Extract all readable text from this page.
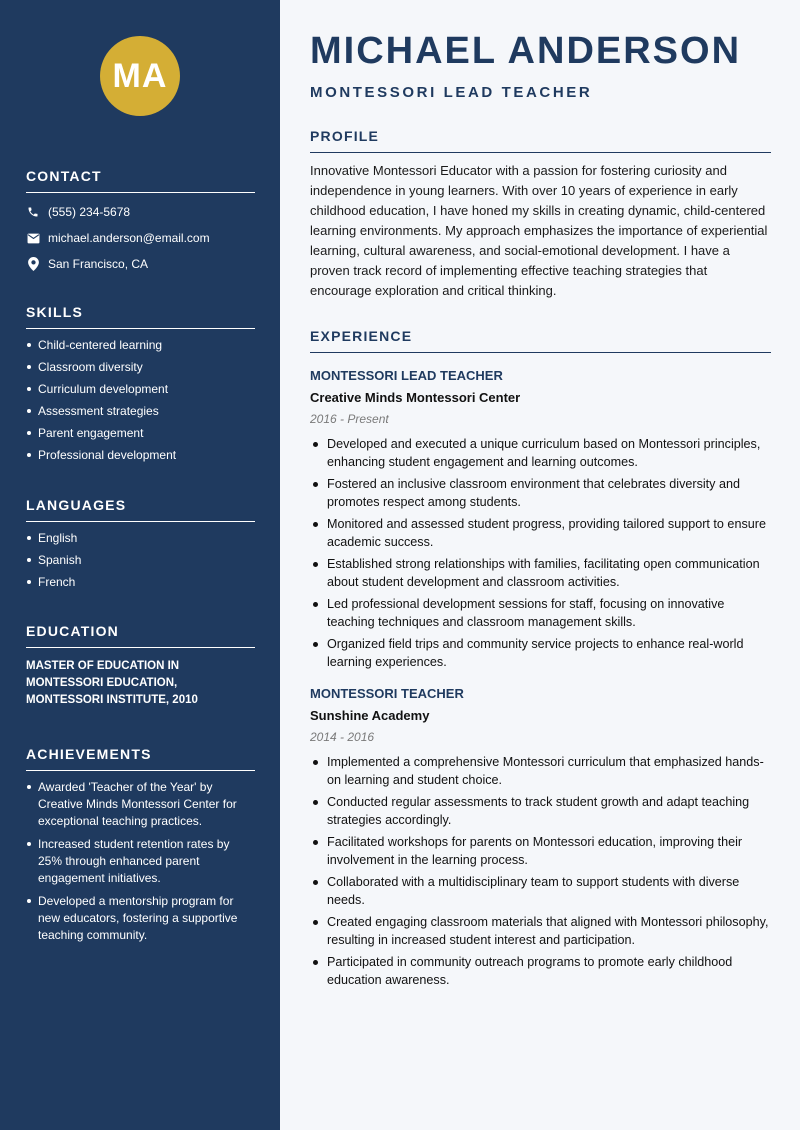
MA
CONTACT
(555) 234-5678
michael.anderson@email.com
San Francisco, CA
SKILLS
Child-centered learning
Classroom diversity
Curriculum development
Assessment strategies
Parent engagement
Professional development
LANGUAGES
English
Spanish
French
EDUCATION
MASTER OF EDUCATION IN
MONTESSORI EDUCATION,
MONTESSORI INSTITUTE, 2010
ACHIEVEMENTS
Awarded 'Teacher of the Year' by Creative Minds Montessori Center for exceptional teaching practices.
Increased student retention rates by 25% through enhanced parent engagement initiatives.
Developed a mentorship program for new educators, fostering a supportive teaching community.
MICHAEL ANDERSON
MONTESSORI LEAD TEACHER
PROFILE

Innovative Montessori Educator with a passion for fostering curiosity and independence in young learners. With over 10 years of experience in early childhood education, I have honed my skills in creating dynamic, child-centered learning environments. My approach emphasizes the importance of experiential learning, cultural awareness, and social-emotional development. I have a proven track record of implementing effective teaching strategies that encourage exploration and critical thinking.

EXPERIENCE

MONTESSORI LEAD TEACHER

Creative Minds Montessori Center

2016 - Present

Developed and executed a unique curriculum based on Montessori principles, enhancing student engagement and learning outcomes.
Fostered an inclusive classroom environment that celebrates diversity and promotes respect among students.
Monitored and assessed student progress, providing tailored support to ensure academic success.
Established strong relationships with families, facilitating open communication about student development and classroom activities.
Led professional development sessions for staff, focusing on innovative teaching techniques and classroom management skills.
Organized field trips and community service projects to enhance real-world learning experiences.

MONTESSORI TEACHER

Sunshine Academy

2014 - 2016

Implemented a comprehensive Montessori curriculum that emphasized hands-on learning and student choice.
Conducted regular assessments to track student growth and adapt teaching strategies accordingly.
Facilitated workshops for parents on Montessori education, improving their involvement in the learning process.
Collaborated with a multidisciplinary team to support students with diverse needs.
Created engaging classroom materials that aligned with Montessori philosophy, resulting in increased student interest and participation.
Participated in community outreach programs to promote early childhood education awareness.
